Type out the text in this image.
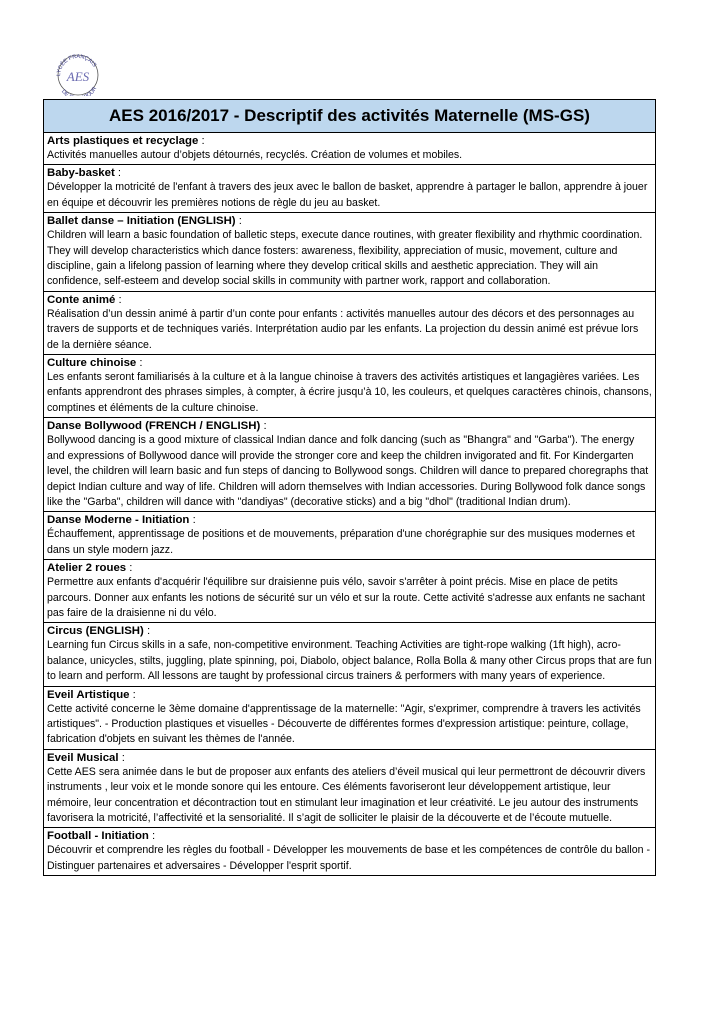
LYCÉE FRANÇAIS
DE OUR
AES
AES 2016/2017 - Descriptif des activités Maternelle (MS-GS)
Arts plastiques et recyclage :
Activités manuelles autour d’objets détournés, recyclés. Création de volumes et mobiles.
Baby-basket :
Développer la motricité de l'enfant à travers des jeux avec le ballon de basket, apprendre à partager le ballon, apprendre à jouer en équipe et découvrir les premières notions de règle du jeu au basket.
Ballet danse – Initiation (ENGLISH) :
Children will learn a basic foundation of balletic steps, execute dance routines, with greater flexibility and rhythmic coordination. They will develop characteristics which dance fosters: awareness, flexibility, appreciation of music, movement, culture and discipline, gain a lifelong passion of learning where they develop critical skills and aesthetic appreciation. They will ain confidence, self-esteem and develop social skills in community with partner work, rapport and collaboration.
Conte animé :
Réalisation d’un dessin animé à partir d’un conte pour enfants : activités manuelles autour des décors et des personnages au travers de supports et de techniques variés. Interprétation audio par les enfants. La projection du dessin animé est prévue lors de la dernière séance.
Culture chinoise :
Les enfants seront familiarisés à la culture et à la langue chinoise à travers des activités artistiques et langagières variées. Les enfants apprendront des phrases simples, à compter, à écrire jusqu’à 10, les couleurs, et quelques caractères chinois, chansons, comptines et éléments de la culture chinoise.
Danse Bollywood (FRENCH / ENGLISH) :
Bollywood dancing is a good mixture of classical Indian dance and folk dancing (such as "Bhangra" and "Garba"). The energy and expressions of Bollywood dance will provide the stronger core and keep the children invigorated and fit. For Kindergarten level, the children will learn basic and fun steps of dancing to Bollywood songs. Children will dance to prepared choregraphs that depict Indian culture and way of life. Children will adorn themselves with Indian accessories. During Bollywood folk dance songs like the "Garba", children will dance with "dandiyas" (decorative sticks) and a big "dhol" (traditional Indian drum).
Danse Moderne - Initiation :
Échauffement, apprentissage de positions et de mouvements, préparation d'une chorégraphie sur des musiques modernes et dans un style modern jazz.
Atelier 2 roues :
Permettre aux enfants d'acquérir l'équilibre sur draisienne puis vélo, savoir s'arrêter à point précis. Mise en place de petits parcours. Donner aux enfants les notions de sécurité sur un vélo et sur la route. Cette activité s'adresse aux enfants ne sachant pas faire de la draisienne ni du vélo.
Circus (ENGLISH) :
Learning fun Circus skills in a safe, non-competitive environment. Teaching Activities are tight-rope walking (1ft high), acro-balance, unicycles, stilts, juggling, plate spinning, poi, Diabolo, object balance, Rolla Bolla & many other Circus props that are fun to learn and perform. All lessons are taught by professional circus trainers & performers with many years of experience.
Eveil Artistique :
Cette activité concerne le 3ème domaine d'apprentissage de la maternelle: "Agir, s'exprimer, comprendre à travers les activités artistiques". - Production plastiques et visuelles - Découverte de différentes formes d'expression artistique: peinture, collage, fabrication d'objets en suivant les thèmes de l'année.
Eveil Musical :
Cette AES sera animée dans le but de proposer aux enfants des ateliers d’éveil musical qui leur permettront de découvrir divers instruments , leur voix et le monde sonore qui les entoure. Ces éléments favoriseront leur développement artistique, leur mémoire, leur concentration et décontraction tout en stimulant leur imagination et leur créativité. Le jeu autour des instruments favorisera la motricité, l’affectivité et la sensorialité. Il s’agit de solliciter le plaisir de la découverte et de l’écoute mutuelle.
Football - Initiation :
Découvrir et comprendre les règles du football - Développer les mouvements de base et les compétences de contrôle du ballon - Distinguer partenaires et adversaires - Développer l'esprit sportif.
